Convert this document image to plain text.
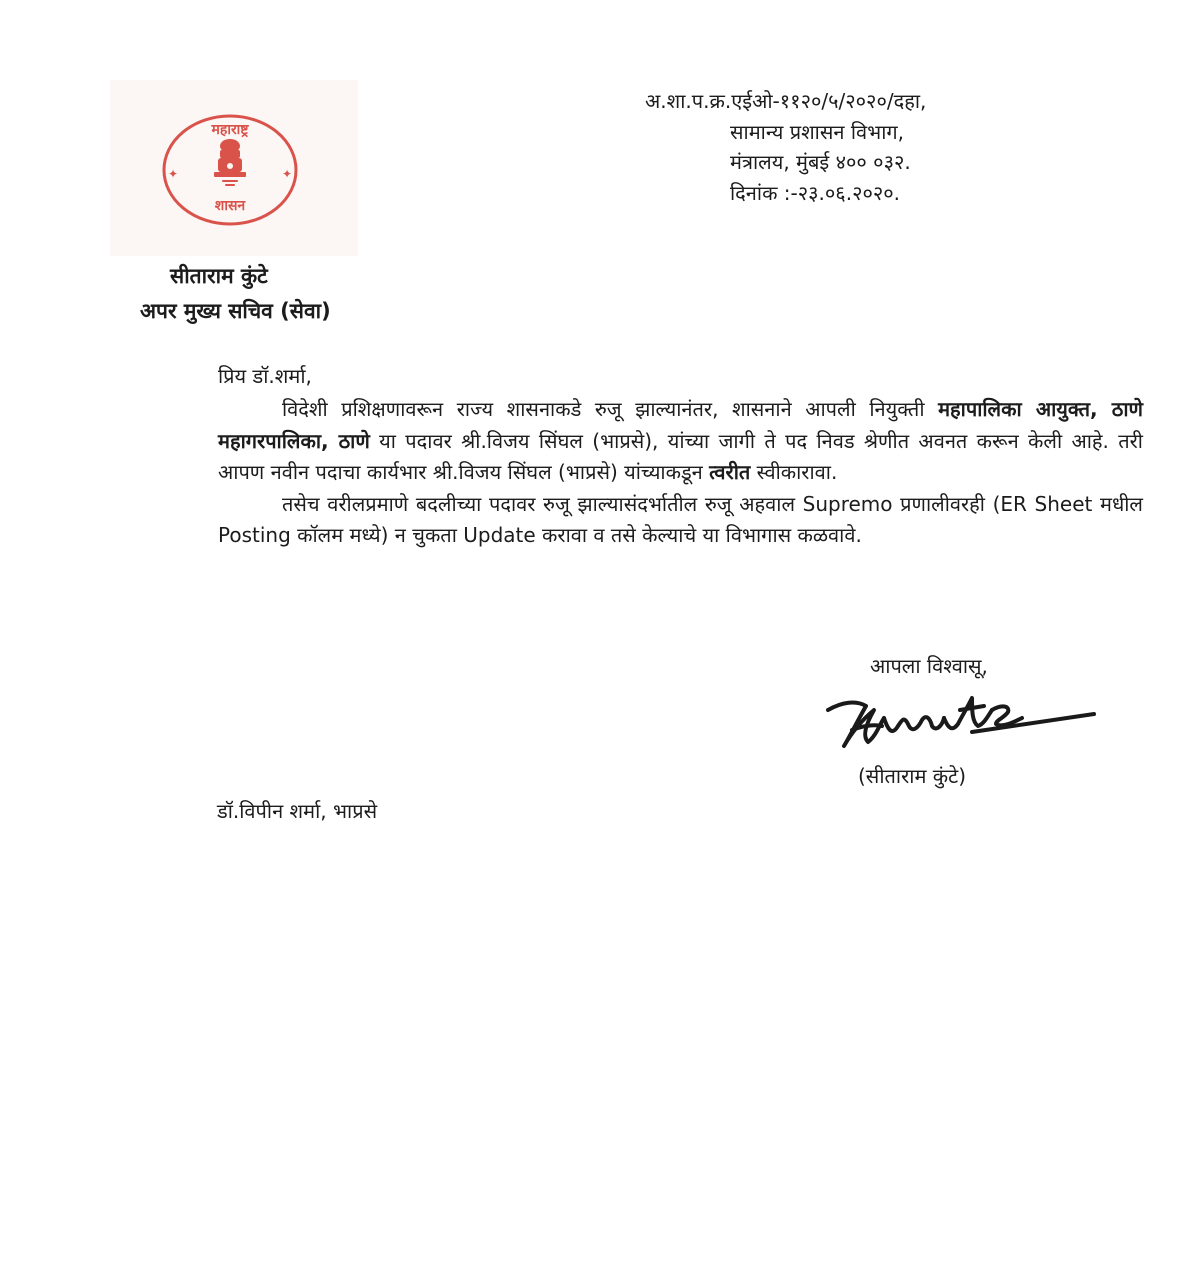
✦	✦
महाराष्ट्र
शासन
अ.शा.प.क्र.एईओ-११२०/५/२०२०/दहा,
सामान्य प्रशासन विभाग,
मंत्रालय, मुंबई ४०० ०३२.
दिनांक :-२३.०६.२०२०.
सीताराम कुंटे
अपर मुख्य सचिव (सेवा)
प्रिय डॉ.शर्मा,

विदेशी प्रशिक्षणावरून राज्य शासनाकडे रुजू झाल्यानंतर, शासनाने आपली नियुक्ती महापालिका आयुक्त, ठाणे महागरपालिका, ठाणे या पदावर श्री.विजय सिंघल (भाप्रसे), यांच्या जागी ते पद निवड श्रेणीत अवनत करून केली आहे. तरी आपण नवीन पदाचा कार्यभार श्री.विजय सिंघल (भाप्रसे) यांच्याकडून त्वरीत स्वीकारावा.

तसेच वरीलप्रमाणे बदलीच्या पदावर रुजू झाल्यासंदर्भातील रुजू अहवाल Supremo प्रणालीवरही (ER Sheet मधील Posting कॉलम मध्ये) न चुकता Update करावा व तसे केल्याचे या विभागास कळवावे.

आपला विश्वासू,
(सीताराम कुंटे)
डॉ.विपीन शर्मा, भाप्रसे
